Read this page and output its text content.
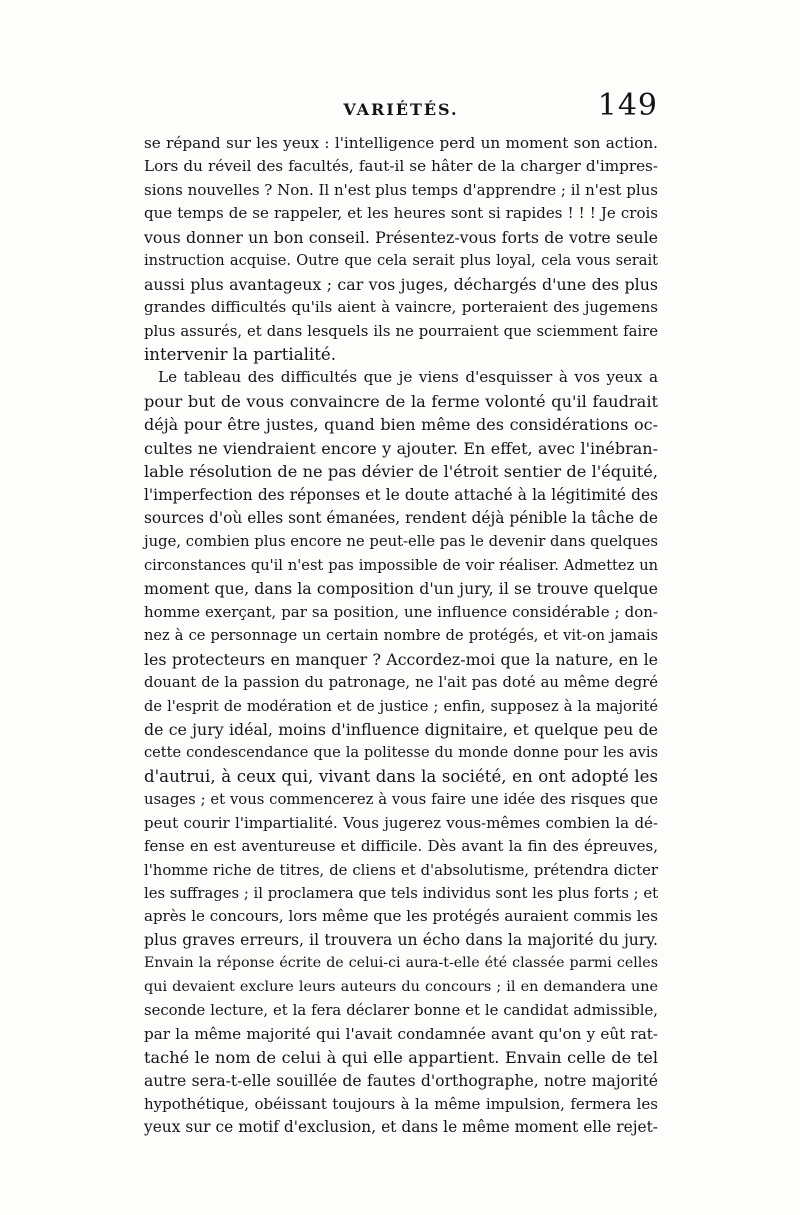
VARIÉTÉS.	149
se répand sur les yeux : l'intelligence perd un moment son action.
Lors du réveil des facultés, faut-il se hâter de la charger d'impres-
sions nouvelles ? Non. Il n'est plus temps d'apprendre ; il n'est plus
que temps de se rappeler, et les heures sont si rapides ! ! ! Je crois
vous donner un bon conseil. Présentez-vous forts de votre seule
instruction acquise. Outre que cela serait plus loyal, cela vous serait
aussi plus avantageux ; car vos juges, déchargés d'une des plus
grandes difficultés qu'ils aient à vaincre, porteraient des jugemens
plus assurés, et dans lesquels ils ne pourraient que sciemment faire
intervenir la partialité.
Le tableau des difficultés que je viens d'esquisser à vos yeux a
pour but de vous convaincre de la ferme volonté qu'il faudrait
déjà pour être justes, quand bien même des considérations oc-
cultes ne viendraient encore y ajouter. En effet, avec l'inébran-
lable résolution de ne pas dévier de l'étroit sentier de l'équité,
l'imperfection des réponses et le doute attaché à la légitimité des
sources d'où elles sont émanées, rendent déjà pénible la tâche de
juge, combien plus encore ne peut-elle pas le devenir dans quelques
circonstances qu'il n'est pas impossible de voir réaliser. Admettez un
moment que, dans la composition d'un jury, il se trouve quelque
homme exerçant, par sa position, une influence considérable ; don-
nez à ce personnage un certain nombre de protégés, et vit-on jamais
les protecteurs en manquer ? Accordez-moi que la nature, en le
douant de la passion du patronage, ne l'ait pas doté au même degré
de l'esprit de modération et de justice ; enfin, supposez à la majorité
de ce jury idéal, moins d'influence dignitaire, et quelque peu de
cette condescendance que la politesse du monde donne pour les avis
d'autrui, à ceux qui, vivant dans la société, en ont adopté les
usages ; et vous commencerez à vous faire une idée des risques que
peut courir l'impartialité. Vous jugerez vous-mêmes combien la dé-
fense en est aventureuse et difficile. Dès avant la fin des épreuves,
l'homme riche de titres, de cliens et d'absolutisme, prétendra dicter
les suffrages ; il proclamera que tels individus sont les plus forts ; et
après le concours, lors même que les protégés auraient commis les
plus graves erreurs, il trouvera un écho dans la majorité du jury.
Envain la réponse écrite de celui-ci aura-t-elle été classée parmi celles
qui devaient exclure leurs auteurs du concours ; il en demandera une
seconde lecture, et la fera déclarer bonne et le candidat admissible,
par la même majorité qui l'avait condamnée avant qu'on y eût rat-
taché le nom de celui à qui elle appartient. Envain celle de tel
autre sera-t-elle souillée de fautes d'orthographe, notre majorité
hypothétique, obéissant toujours à la même impulsion, fermera les
yeux sur ce motif d'exclusion, et dans le même moment elle rejet-
